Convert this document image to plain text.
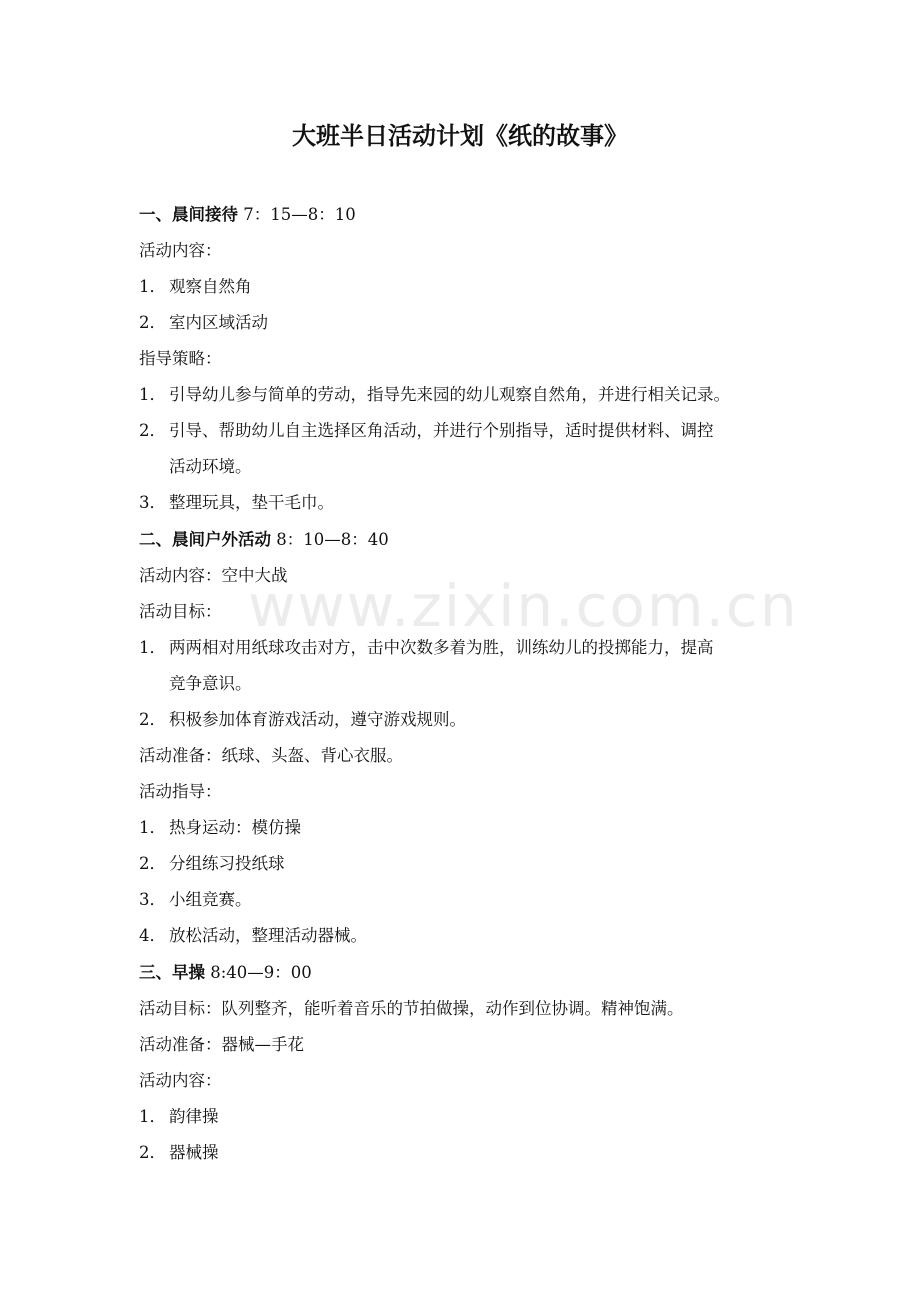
www.zixin.com.cn
大班半日活动计划《纸的故事》
一、晨间接待 7：15—8：10
活动内容：
1． 观察自然角
2． 室内区域活动
指导策略：
1． 引导幼儿参与简单的劳动，指导先来园的幼儿观察自然角，并进行相关记录。
2． 引导、帮助幼儿自主选择区角活动，并进行个别指导，适时提供材料、调控
活动环境。
3． 整理玩具，垫干毛巾。
二、晨间户外活动 8：10—8：40
活动内容：空中大战
活动目标：
1． 两两相对用纸球攻击对方，击中次数多着为胜，训练幼儿的投掷能力，提高
竞争意识。
2． 积极参加体育游戏活动，遵守游戏规则。
活动准备：纸球、头盔、背心衣服。
活动指导：
1． 热身运动：模仿操
2． 分组练习投纸球
3． 小组竞赛。
4． 放松活动，整理活动器械。
三、早操 8:40—9：00
活动目标：队列整齐，能听着音乐的节拍做操，动作到位协调。精神饱满。
活动准备：器械—手花
活动内容：
1． 韵律操
2． 器械操
